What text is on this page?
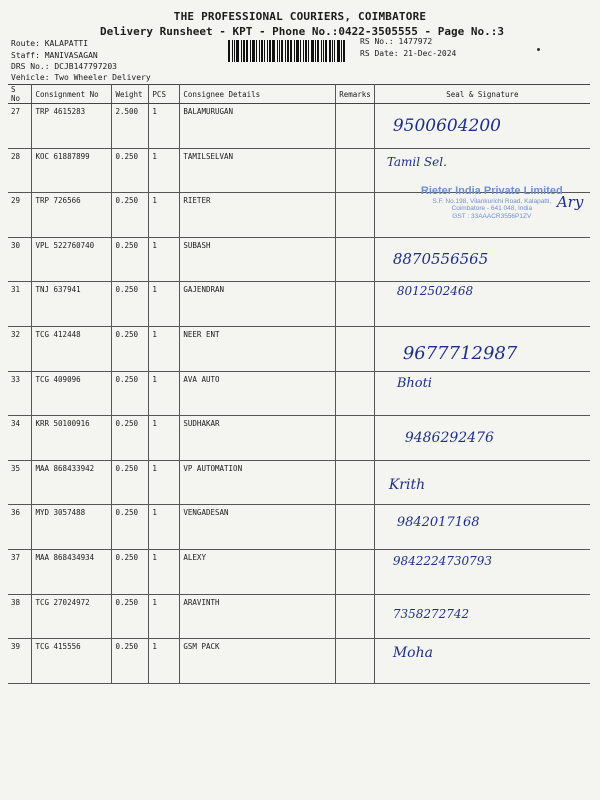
THE PROFESSIONAL COURIERS, COIMBATORE
Delivery Runsheet - KPT - Phone No.:0422-3505555 - Page No.:3
Route: KALAPATTI
Staff: MANIVASAGAN
DRS No.: DCJB147797203
Vehicle: Two Wheeler Delivery
RS No.: 1477972
RS Date: 21-Dec-2024
S No	Consignment No	Weight	PCS	Consignee Details	Remarks	Seal & Signature
27	TRP 4615283	2.500	1	BALAMURUGAN		9500604200

28	KOC 61887899	0.250	1	TAMILSELVAN		Tamil Sel.

29	TRP 726566	0.250	1	RIETER		Rieter India Private Limited
S.F. No.198, Vilankurichi Road, Kalapatti,
Coimbatore - 641 048, India
GST : 33AAACR3556P1ZV
Ary

30	VPL 522760740	0.250	1	SUBASH		8870556565

31	TNJ 637941	0.250	1	GAJENDRAN		8012502468

32	TCG 412448	0.250	1	NEER ENT		9677712987

33	TCG 409096	0.250	1	AVA AUTO		Bhoti

34	KRR 50100916	0.250	1	SUDHAKAR		9486292476

35	MAA 868433942	0.250	1	VP AUTOMATION		Krith

36	MYD 3057488	0.250	1	VENGADESAN		9842017168

37	MAA 868434934	0.250	1	ALEXY		9842224730793

38	TCG 27024972	0.250	1	ARAVINTH		7358272742

39	TCG 415556	0.250	1	GSM PACK		Moha
